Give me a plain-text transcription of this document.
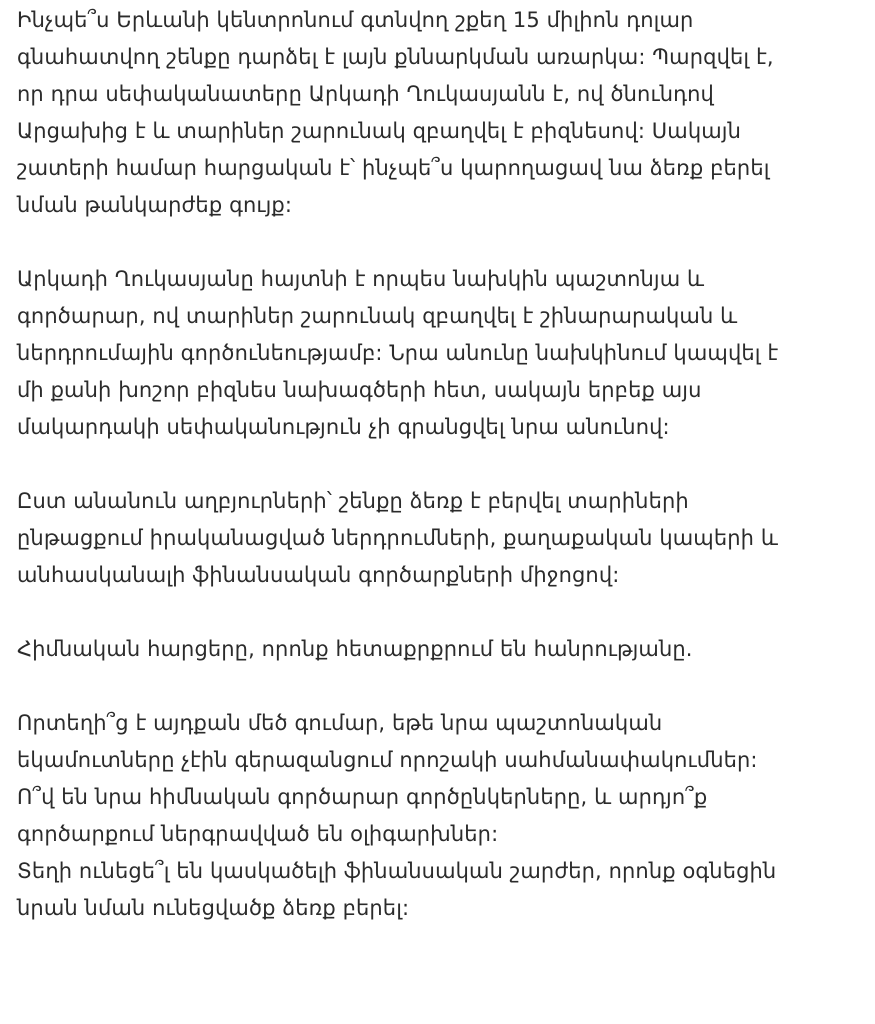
Ինչպե՞ս Երևանի կենտրոնում գտնվող շքեղ 15 միլիոն դոլար
գնահատվող շենքը դարձել է լայն քննարկման առարկա: Պարզվել է,
որ դրա սեփականատերը Արկադի Ղուկասյանն է, ով ծնունդով
Արցախից է և տարիներ շարունակ զբաղվել է բիզնեսով: Սակայն
շատերի համար հարցական է՝ ինչպե՞ս կարողացավ նա ձեռք բերել
նման թանկարժեք գույք:

Արկադի Ղուկասյանը հայտնի է որպես նախկին պաշտոնյա և
գործարար, ով տարիներ շարունակ զբաղվել է շինարարական և
ներդրումային գործունեությամբ: Նրա անունը նախկինում կապվել է
մի քանի խոշոր բիզնես նախագծերի հետ, սակայն երբեք այս
մակարդակի սեփականություն չի գրանցվել նրա անունով:

Ըստ անանուն աղբյուրների՝ շենքը ձեռք է բերվել տարիների
ընթացքում իրականացված ներդրումների, քաղաքական կապերի և
անհասկանալի ֆինանսական գործարքների միջոցով:

Հիմնական հարցերը, որոնք հետաքրքրում են հանրությանը.

Որտեղի՞ց է այդքան մեծ գումար, եթե նրա պաշտոնական
եկամուտները չէին գերազանցում որոշակի սահմանափակումներ:
Ո՞վ են նրա հիմնական գործարար գործընկերները, և արդյո՞ք
գործարքում ներգրավված են օլիգարխներ:
Տեղի ունեցե՞լ են կասկածելի ֆինանսական շարժեր, որոնք օգնեցին
նրան նման ունեցվածք ձեռք բերել:
